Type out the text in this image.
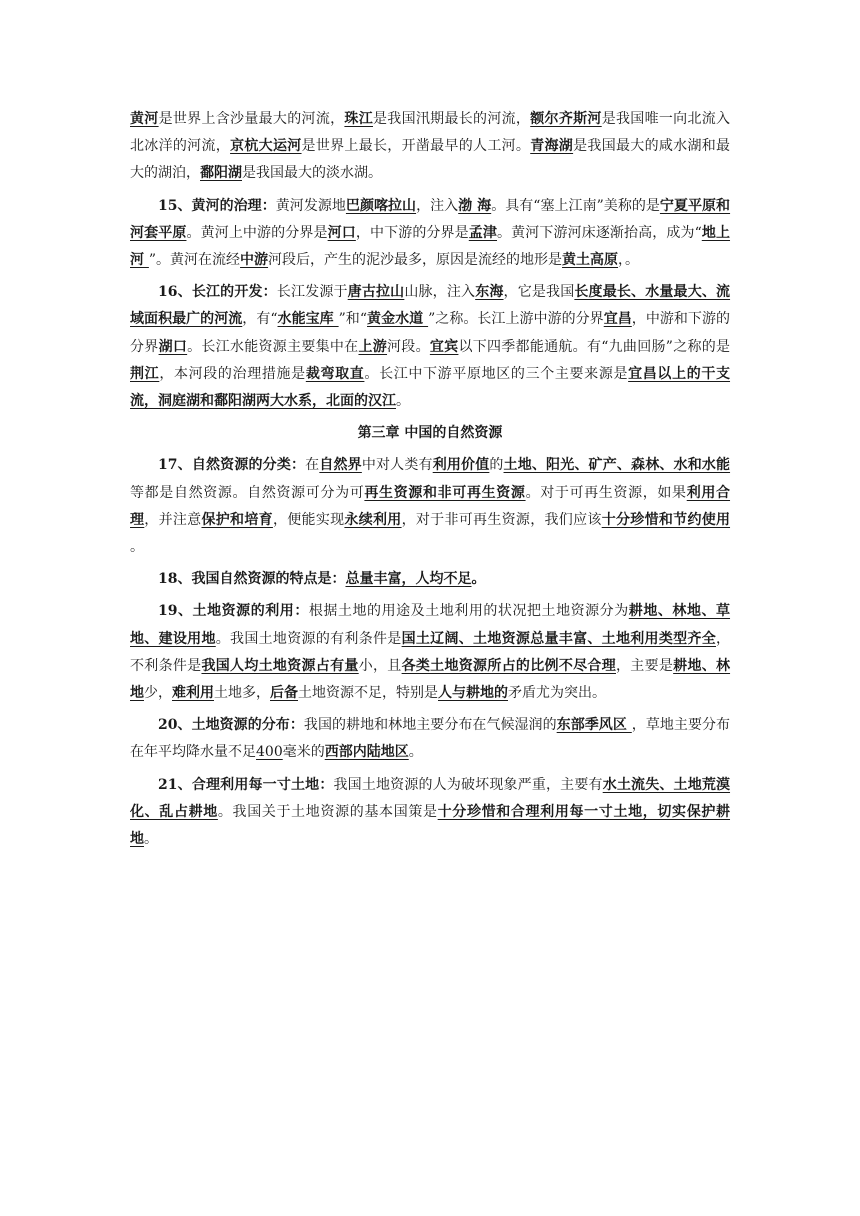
黄河是世界上含沙量最大的河流，珠江是我国汛期最长的河流，额尔齐斯河是我国唯一向北流入北冰洋的河流，京杭大运河是世界上最长，开凿最早的人工河。青海湖是我国最大的咸水湖和最大的湖泊，鄱阳湖是我国最大的淡水湖。

15、黄河的治理：黄河发源地巴颜喀拉山，注入渤 海。具有“塞上江南”美称的是宁夏平原和河套平原。黄河上中游的分界是河口，中下游的分界是孟津。黄河下游河床逐渐抬高，成为“地上河 ”。黄河在流经中游河段后，产生的泥沙最多，原因是流经的地形是黄土高原，。

16、长江的开发：长江发源于唐古拉山山脉，注入东海，它是我国长度最长、水量最大、流域面积最广的河流，有“水能宝库 ”和“黄金水道 ”之称。长江上游中游的分界宜昌，中游和下游的分界湖口。长江水能资源主要集中在上游河段。宜宾以下四季都能通航。有“九曲回肠”之称的是荆江，本河段的治理措施是裁弯取直。长江中下游平原地区的三个主要来源是宜昌以上的干支流，洞庭湖和鄱阳湖两大水系，北面的汉江。

第三章 中国的自然资源

17、自然资源的分类：在自然界中对人类有利用价值的土地、阳光、矿产、森林、水和水能等都是自然资源。自然资源可分为可再生资源和非可再生资源。对于可再生资源，如果利用合理，并注意保护和培育，便能实现永续利用，对于非可再生资源，我们应该十分珍惜和节约使用 。

18、我国自然资源的特点是：总量丰富，人均不足。

19、土地资源的利用：根据土地的用途及土地利用的状况把土地资源分为耕地、林地、草地、建设用地。我国土地资源的有利条件是国土辽阔、土地资源总量丰富、土地利用类型齐全，不利条件是我国人均土地资源占有量小，且各类土地资源所占的比例不尽合理，主要是耕地、林地少，难利用土地多，后备土地资源不足，特别是人与耕地的矛盾尤为突出。

20、土地资源的分布：我国的耕地和林地主要分布在气候湿润的东部季风区 ，草地主要分布在年平均降水量不足400毫米的西部内陆地区。

21、合理利用每一寸土地：我国土地资源的人为破坏现象严重，主要有水土流失、土地荒漠化、乱占耕地。我国关于土地资源的基本国策是十分珍惜和合理利用每一寸土地，切实保护耕地。
